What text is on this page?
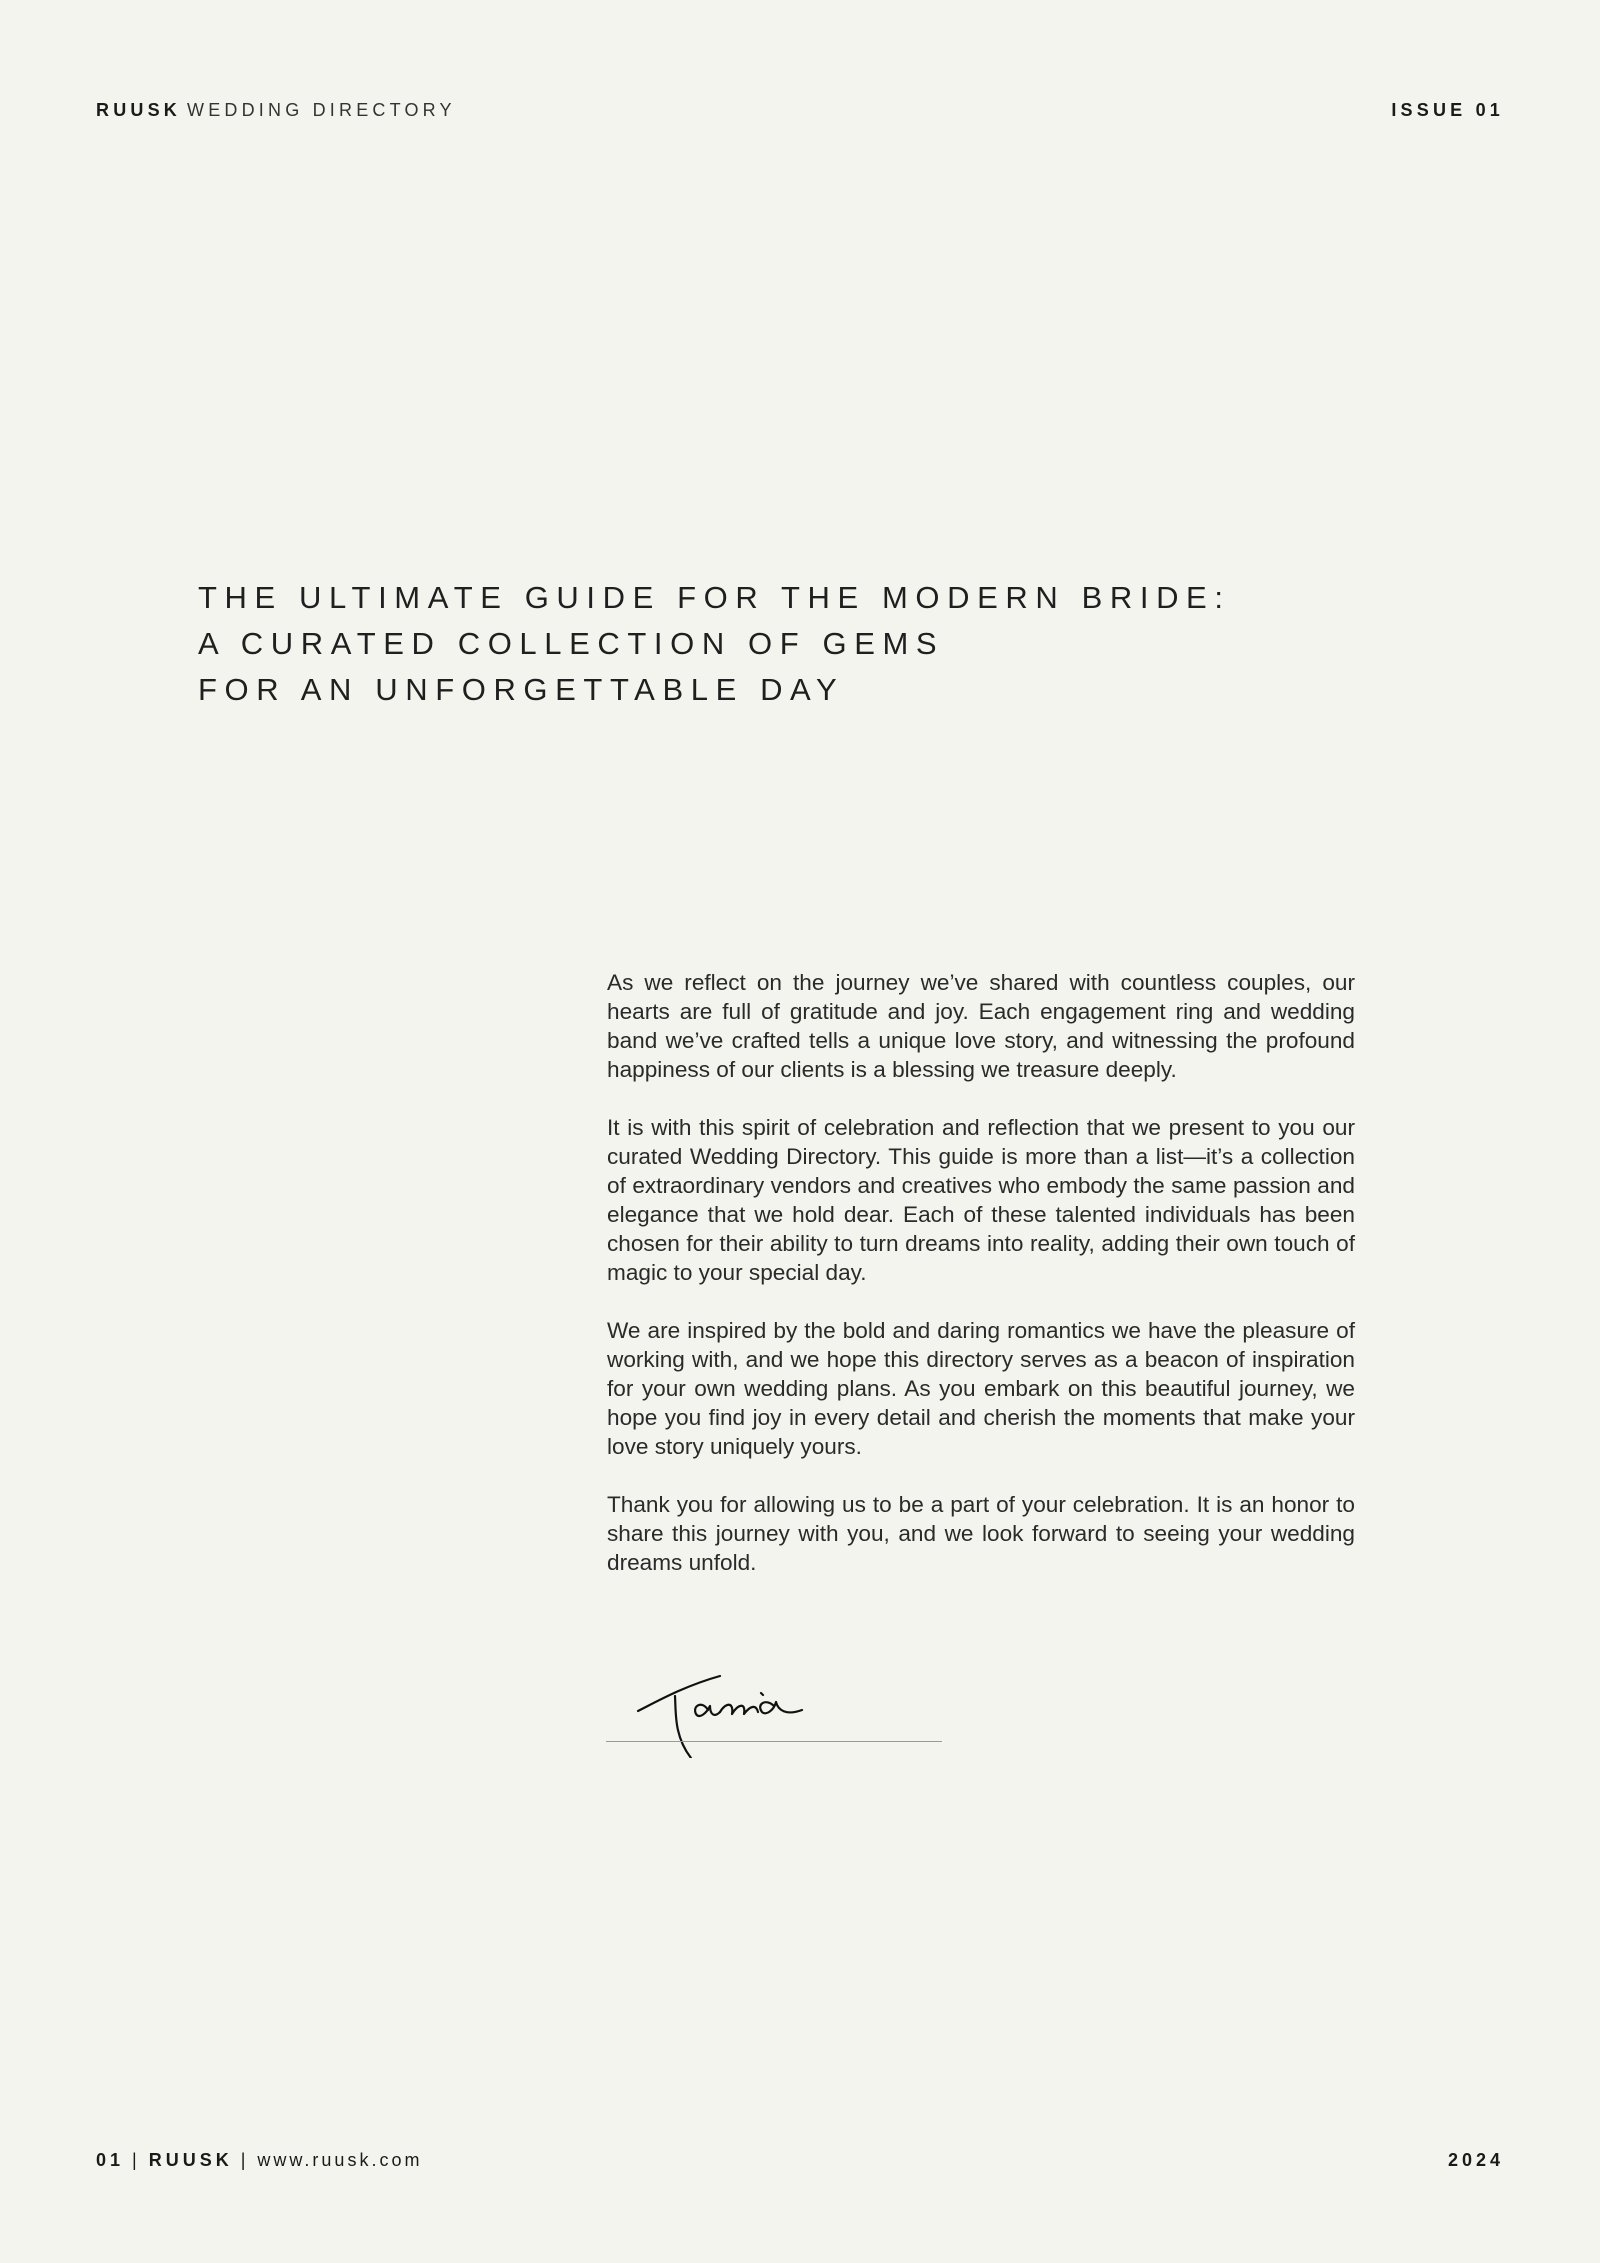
RUUSK WEDDING DIRECTORY	ISSUE 01
THE ULTIMATE GUIDE FOR THE MODERN BRIDE:
A CURATED COLLECTION OF GEMS
FOR AN UNFORGETTABLE DAY

As we reflect on the journey we’ve shared with countless couples, our hearts are full of gratitude and joy. Each engagement ring and wedding band we’ve crafted tells a unique love story, and witnessing the profound happiness of our clients is a blessing we treasure deeply.

It is with this spirit of celebration and reflection that we present to you our curated Wedding Directory. This guide is more than a list—it’s a collection of extraordinary vendors and creatives who embody the same passion and elegance that we hold dear. Each of these talented individuals has been chosen for their ability to turn dreams into reality, adding their own touch of magic to your special day.

We are inspired by the bold and daring romantics we have the pleasure of working with, and we hope this directory serves as a beacon of inspiration for your own wedding plans. As you embark on this beautiful journey, we hope you find joy in every detail and cherish the moments that make your love story uniquely yours.

Thank you for allowing us to be a part of your celebration. It is an honor to share this journey with you, and we look forward to seeing your wedding dreams unfold.

01 | RUUSK | www.ruusk.com	2024
